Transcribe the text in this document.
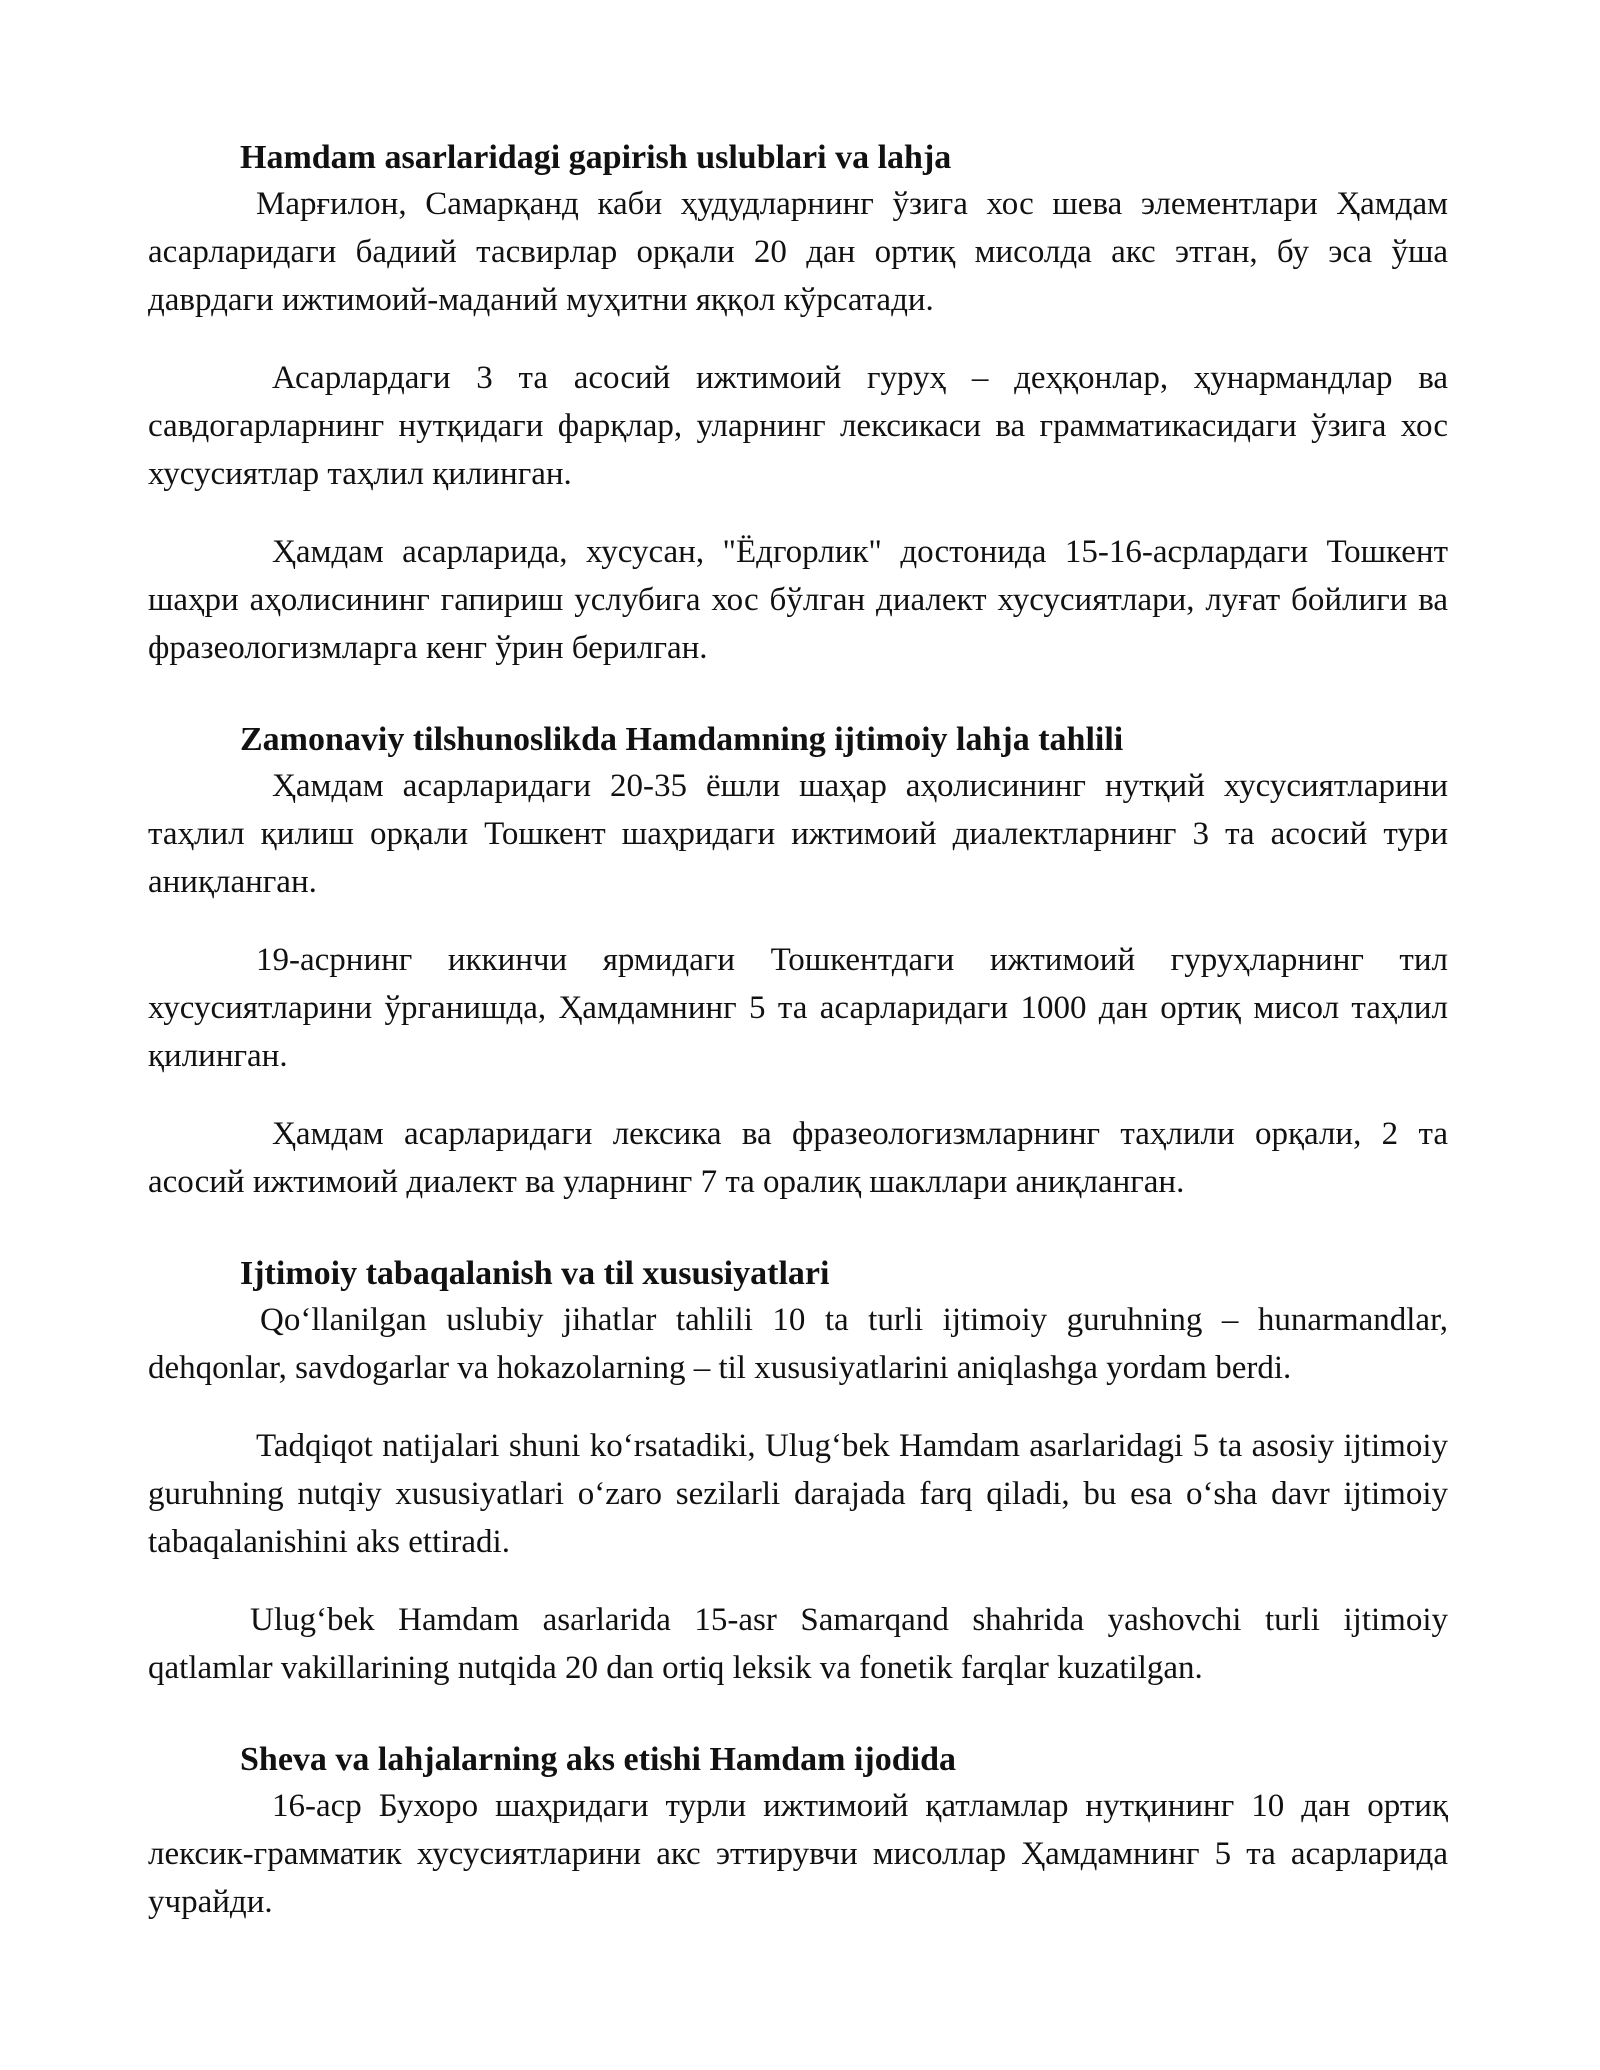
Hamdam asarlaridagi gapirish uslublari va lahja

Марғилон, Самарқанд каби ҳудудларнинг ўзига хос шева элементлари Ҳамдам асарларидаги бадиий тасвирлар орқали 20 дан ортиқ мисолда акс этган, бу эса ўша даврдаги ижтимоий-маданий муҳитни яққол кўрсатади.

Асарлардаги 3 та асосий ижтимоий гуруҳ – деҳқонлар, ҳунармандлар ва савдогарларнинг нутқидаги фарқлар, уларнинг лексикаси ва грамматикасидаги ўзига хос хусусиятлар таҳлил қилинган.

Ҳамдам асарларида, хусусан, "Ёдгорлик" достонида 15-16-асрлардаги Тошкент шаҳри аҳолисининг гапириш услубига хос бўлган диалект хусусиятлари, луғат бойлиги ва фразеологизмларга кенг ўрин берилган.

Zamonaviy tilshunoslikda Hamdamning ijtimoiy lahja tahlili

Ҳамдам асарларидаги 20-35 ёшли шаҳар аҳолисининг нутқий хусусиятларини таҳлил қилиш орқали Тошкент шаҳридаги ижтимоий диалектларнинг 3 та асосий тури аниқланган.

19-асрнинг иккинчи ярмидаги Тошкентдаги ижтимоий гуруҳларнинг тил хусусиятларини ўрганишда, Ҳамдамнинг 5 та асарларидаги 1000 дан ортиқ мисол таҳлил қилинган.

Ҳамдам асарларидаги лексика ва фразеологизмларнинг таҳлили орқали, 2 та асосий ижтимоий диалект ва уларнинг 7 та оралиқ шакллари аниқланган.

Ijtimoiy tabaqalanish va til xususiyatlari

Qoʻllanilgan uslubiy jihatlar tahlili 10 ta turli ijtimoiy guruhning – hunarmandlar, dehqonlar, savdogarlar va hokazolarning – til xususiyatlarini aniqlashga yordam berdi.

Tadqiqot natijalari shuni koʻrsatadiki, Ulugʻbek Hamdam asarlaridagi 5 ta asosiy ijtimoiy guruhning nutqiy xususiyatlari oʻzaro sezilarli darajada farq qiladi, bu esa oʻsha davr ijtimoiy tabaqalanishini aks ettiradi.

Ulugʻbek Hamdam asarlarida 15-asr Samarqand shahrida yashovchi turli ijtimoiy qatlamlar vakillarining nutqida 20 dan ortiq leksik va fonetik farqlar kuzatilgan.

Sheva va lahjalarning aks etishi Hamdam ijodida

16-аср Бухоро шаҳридаги турли ижтимоий қатламлар нутқининг 10 дан ортиқ лексик-грамматик хусусиятларини акс эттирувчи мисоллар Ҳамдамнинг 5 та асарларида учрайди.
